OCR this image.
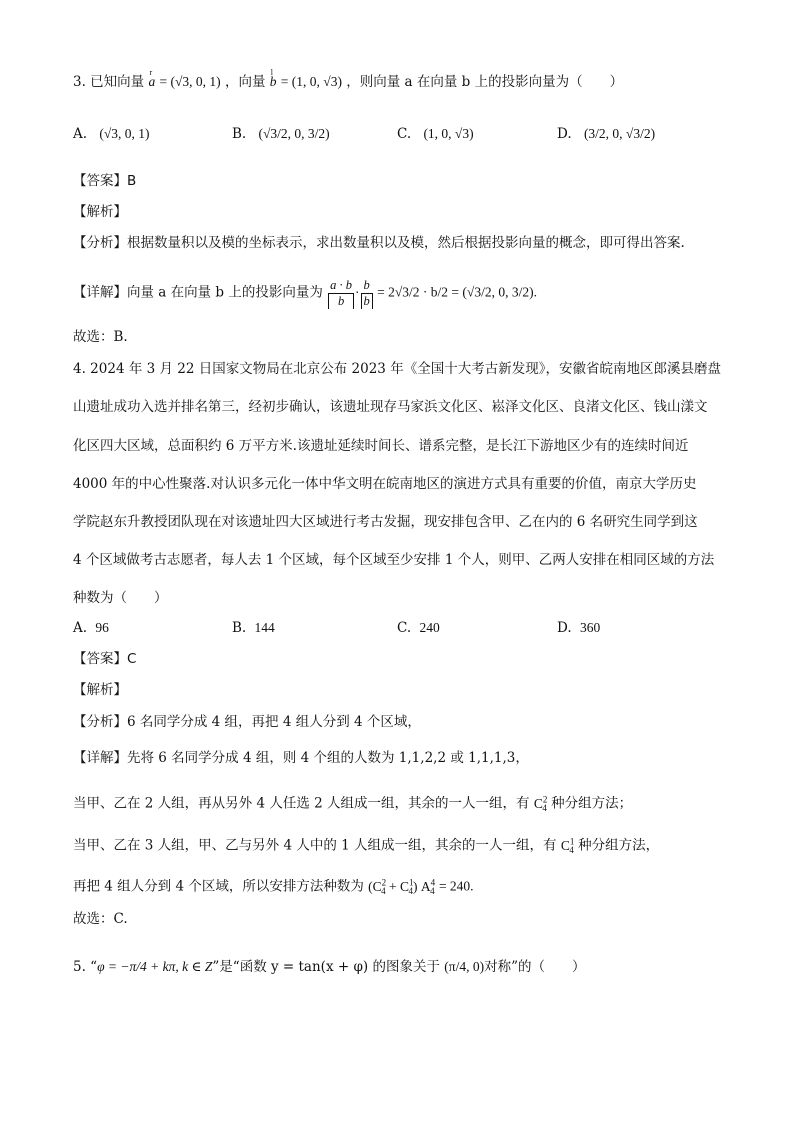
3. 已知向量 r a = (√3, 0, 1) ，向量 l b = (1, 0, √3) ，则向量 a 在向量 b 上的投影向量为（　　）
A. (√3, 0, 1)	B. (√3/2, 0, 3/2)	C. (1, 0, √3)	D. (3/2, 0, √3/2)
【答案】B
【解析】
【分析】根据数量积以及模的坐标表示，求出数量积以及模，然后根据投影向量的概念，即可得出答案.
【详解】向量 a 在向量 b 上的投影向量为 $\frac{a \cdot b}{b} \cdot \frac{b}{b} = 2√3/2 \cdot b/2 = (√3/2$, 0, 3/2).
故选：B.
4. 2024 年 3 月 22 日国家文物局在北京公布 2023 年《全国十大考古新发现》，安徽省皖南地区郎溪县磨盘
山遗址成功入选并排名第三，经初步确认，该遗址现存马家浜文化区、崧泽文化区、良渚文化区、钱山漾文
化区四大区域，总面积约 6 万平方米.该遗址延续时间长、谱系完整，是长江下游地区少有的连续时间近
4000 年的中心性聚落.对认识多元化一体中华文明在皖南地区的演进方式具有重要的价值，南京大学历史
学院赵东升教授团队现在对该遗址四大区域进行考古发掘，现安排包含甲、乙在内的 6 名研究生同学到这
4 个区域做考古志愿者，每人去 1 个区域，每个区域至少安排 1 个人，则甲、乙两人安排在相同区域的方法
种数为（　　）
A. 96	B. 144	C. 240	D. 360
【答案】C
【解析】
【分析】6 名同学分成 4 组，再把 4 组人分到 4 个区域，
【详解】先将 6 名同学分成 4 组，则 4 个组的人数为 1,1,2,2 或 1,1,1,3，
当甲、乙在 2 人组，再从另外 4 人任选 2 人组成一组，其余的一人一组，有 $C^2_4$ 种分组方法；
当甲、乙在 3 人组，甲、乙与另外 4 人中的 1 人组成一组，其余的一人一组，有 $C^1_4$ 种分组方法，
再把 4 组人分到 4 个区域，所以安排方法种数为 $(C^2_4 + C^1_4) A^4_4 = 240$.
故选：C.
5. “φ = −π/4 + kπ, k ∈ Z”是“函数 y = tan(x + φ) 的图象关于 (π/4, 0)对称”的（　　）
